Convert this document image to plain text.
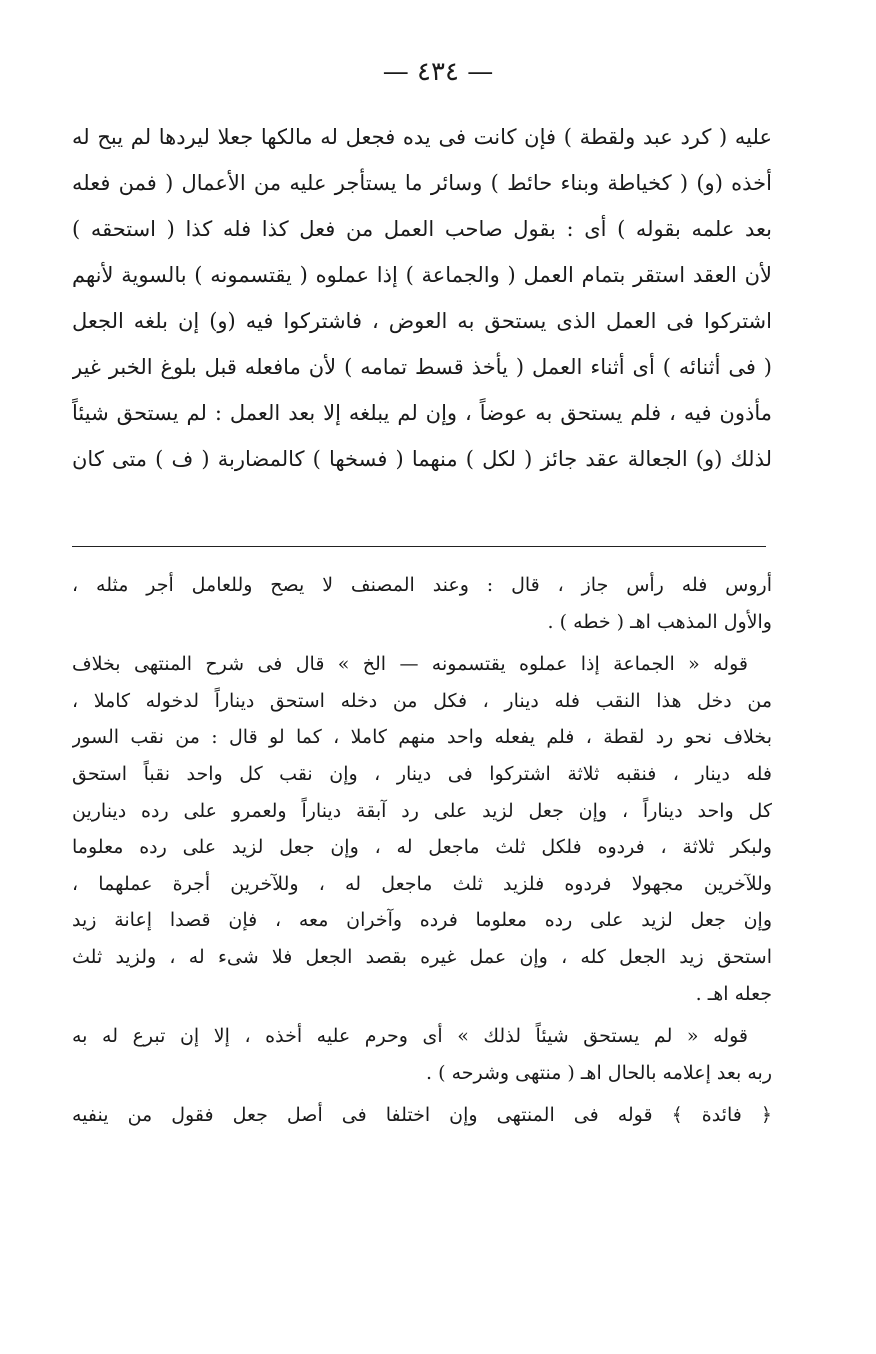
— ٤٣٤ —
عليه ( كرد عبد ولقطة ) فإن كانت فى يده فجعل له مالكها جعلا ليردها لم يبح له
أخذه (و) ( كخياطة وبناء حائط ) وسائر ما يستأجر عليه من الأعمال ( فمن فعله
بعد علمه بقوله ) أى : بقول صاحب العمل من فعل كذا فله كذا ( استحقه )
لأن العقد استقر بتمام العمل ( والجماعة ) إذا عملوه ( يقتسمونه ) بالسوية لأنهم
اشتركوا فى العمل الذى يستحق به العوض ، فاشتركوا فيه (و) إن بلغه الجعل
( فى أثنائه ) أى أثناء العمل ( يأخذ قسط تمامه ) لأن مافعله قبل بلوغ الخبر غير
مأذون فيه ، فلم يستحق به عوضاً ، وإن لم يبلغه إلا بعد العمل : لم يستحق شيئاً
لذلك (و) الجعالة عقد جائز ( لكل ) منهما ( فسخها ) كالمضاربة ( ف ) متى كان
أروس فله رأس جاز ، قال : وعند المصنف لا يصح وللعامل أجر مثله ،
والأول المذهب اهـ ( خطه ) .
قوله « الجماعة إذا عملوه يقتسمونه — الخ » قال فى شرح المنتهى بخلاف
من دخل هذا النقب فله دينار ، فكل من دخله استحق ديناراً لدخوله كاملا ،
بخلاف نحو رد لقطة ، فلم يفعله واحد منهم كاملا ، كما لو قال : من نقب السور
فله دينار ، فنقبه ثلاثة اشتركوا فى دينار ، وإن نقب كل واحد نقباً استحق
كل واحد ديناراً ، وإن جعل لزيد على رد آبقة ديناراً ولعمرو على رده دينارين
ولبكر ثلاثة ، فردوه فلكل ثلث ماجعل له ، وإن جعل لزيد على رده معلوما
وللآخرين مجهولا فردوه فلزيد ثلث ماجعل له ، وللآخرين أجرة عملهما ،
وإن جعل لزيد على رده معلوما فرده وآخران معه ، فإن قصدا إعانة زيد
استحق زيد الجعل كله ، وإن عمل غيره بقصد الجعل فلا شىء له ، ولزيد ثلث
جعله اهـ .
قوله « لم يستحق شيئاً لذلك » أى وحرم عليه أخذه ، إلا إن تبرع له به
ربه بعد إعلامه بالحال اهـ ( منتهى وشرحه ) .
﴿ فائدة ﴾ قوله فى المنتهى وإن اختلفا فى أصل جعل فقول من ينفيه
